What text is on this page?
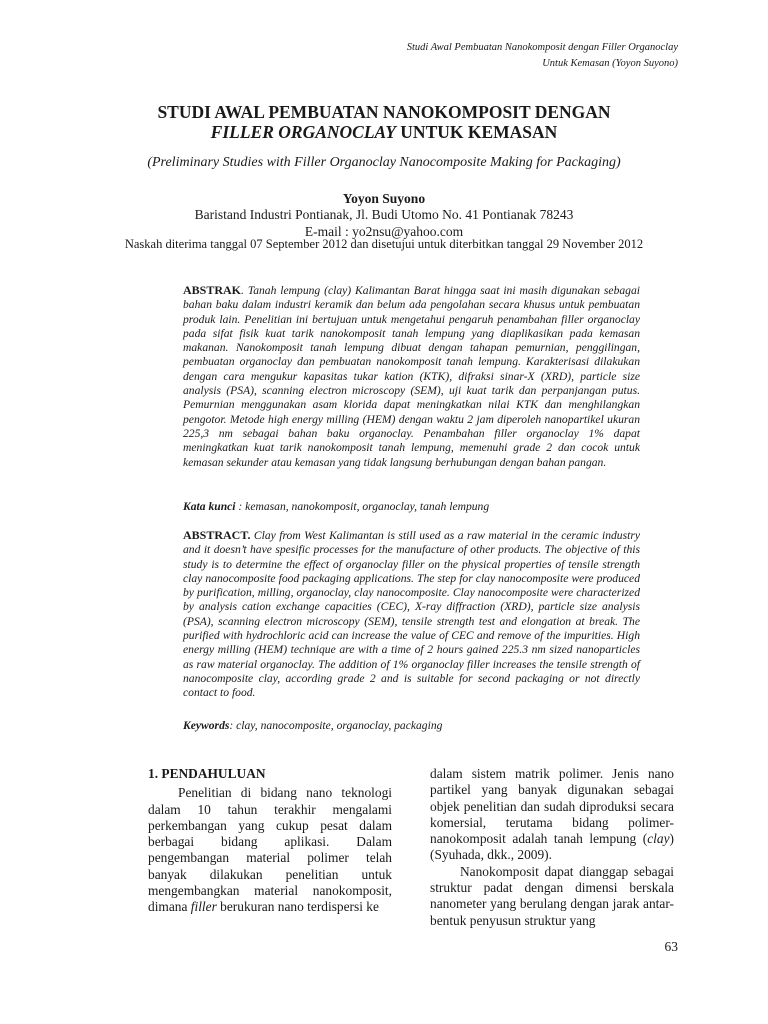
Studi Awal Pembuatan Nanokomposit dengan Filler Organoclay
Untuk Kemasan (Yoyon Suyono)
STUDI AWAL PEMBUATAN NANOKOMPOSIT DENGAN
FILLER ORGANOCLAY UNTUK KEMASAN
(Preliminary Studies with Filler Organoclay Nanocomposite Making for Packaging)
Yoyon Suyono
Baristand Industri Pontianak, Jl. Budi Utomo No. 41 Pontianak 78243
E-mail : yo2nsu@yahoo.com
Naskah diterima tanggal 07 September 2012 dan disetujui untuk diterbitkan tanggal 29 November 2012
ABSTRAK. Tanah lempung (clay) Kalimantan Barat hingga saat ini masih digunakan sebagai bahan baku dalam industri keramik dan belum ada pengolahan secara khusus untuk pembuatan produk lain. Penelitian ini bertujuan untuk mengetahui pengaruh penambahan filler organoclay pada sifat fisik kuat tarik nanokomposit tanah lempung yang diaplikasikan pada kemasan makanan. Nanokomposit tanah lempung dibuat dengan tahapan pemurnian, penggilingan, pembuatan organoclay dan pembuatan nanokomposit tanah lempung. Karakterisasi dilakukan dengan cara mengukur kapasitas tukar kation (KTK), difraksi sinar-X (XRD), particle size analysis (PSA), scanning electron microscopy (SEM), uji kuat tarik dan perpanjangan putus. Pemurnian menggunakan asam klorida dapat meningkatkan nilai KTK dan menghilangkan pengotor. Metode high energy milling (HEM) dengan waktu 2 jam diperoleh nanopartikel ukuran 225,3 nm sebagai bahan baku organoclay. Penambahan filler organoclay 1% dapat meningkatkan kuat tarik nanokomposit tanah lempung, memenuhi grade 2 dan cocok untuk kemasan sekunder atau kemasan yang tidak langsung berhubungan dengan bahan pangan.
Kata kunci : kemasan, nanokomposit, organoclay, tanah lempung
ABSTRACT. Clay from West Kalimantan is still used as a raw material in the ceramic industry and it doesn’t have spesific processes for the manufacture of other products. The objective of this study is to determine the effect of organoclay filler on the physical properties of tensile strength clay nanocomposite food packaging applications. The step for clay nanocomposite were produced by purification, milling, organoclay, clay nanocomposite. Clay nanocomposite were characterized by analysis cation exchange capacities (CEC), X-ray diffraction (XRD), particle size analysis (PSA), scanning electron microscopy (SEM), tensile strength test and elongation at break. The purified with hydrochloric acid can increase the value of CEC and remove of the impurities. High energy milling (HEM) technique are with a time of 2 hours gained 225.3 nm sized nanoparticles as raw material organoclay. The addition of 1% organoclay filler increases the tensile strength of nanocomposite clay, according grade 2 and is suitable for second packaging or not directly contact to food.
Keywords: clay, nanocomposite, organoclay, packaging
1. PENDAHULUAN

Penelitian di bidang nano teknologi dalam 10 tahun terakhir mengalami perkembangan yang cukup pesat dalam berbagai bidang aplikasi. Dalam pengembangan material polimer telah banyak dilakukan penelitian untuk mengembangkan material nanokomposit, dimana filler berukuran nano terdispersi ke

dalam sistem matrik polimer. Jenis nano partikel yang banyak digunakan sebagai objek penelitian dan sudah diproduksi secara komersial, terutama bidang polimer-nanokomposit adalah tanah lempung (clay) (Syuhada, dkk., 2009).

Nanokomposit dapat dianggap sebagai struktur padat dengan dimensi berskala nanometer yang berulang dengan jarak antar-bentuk penyusun struktur yang

63
